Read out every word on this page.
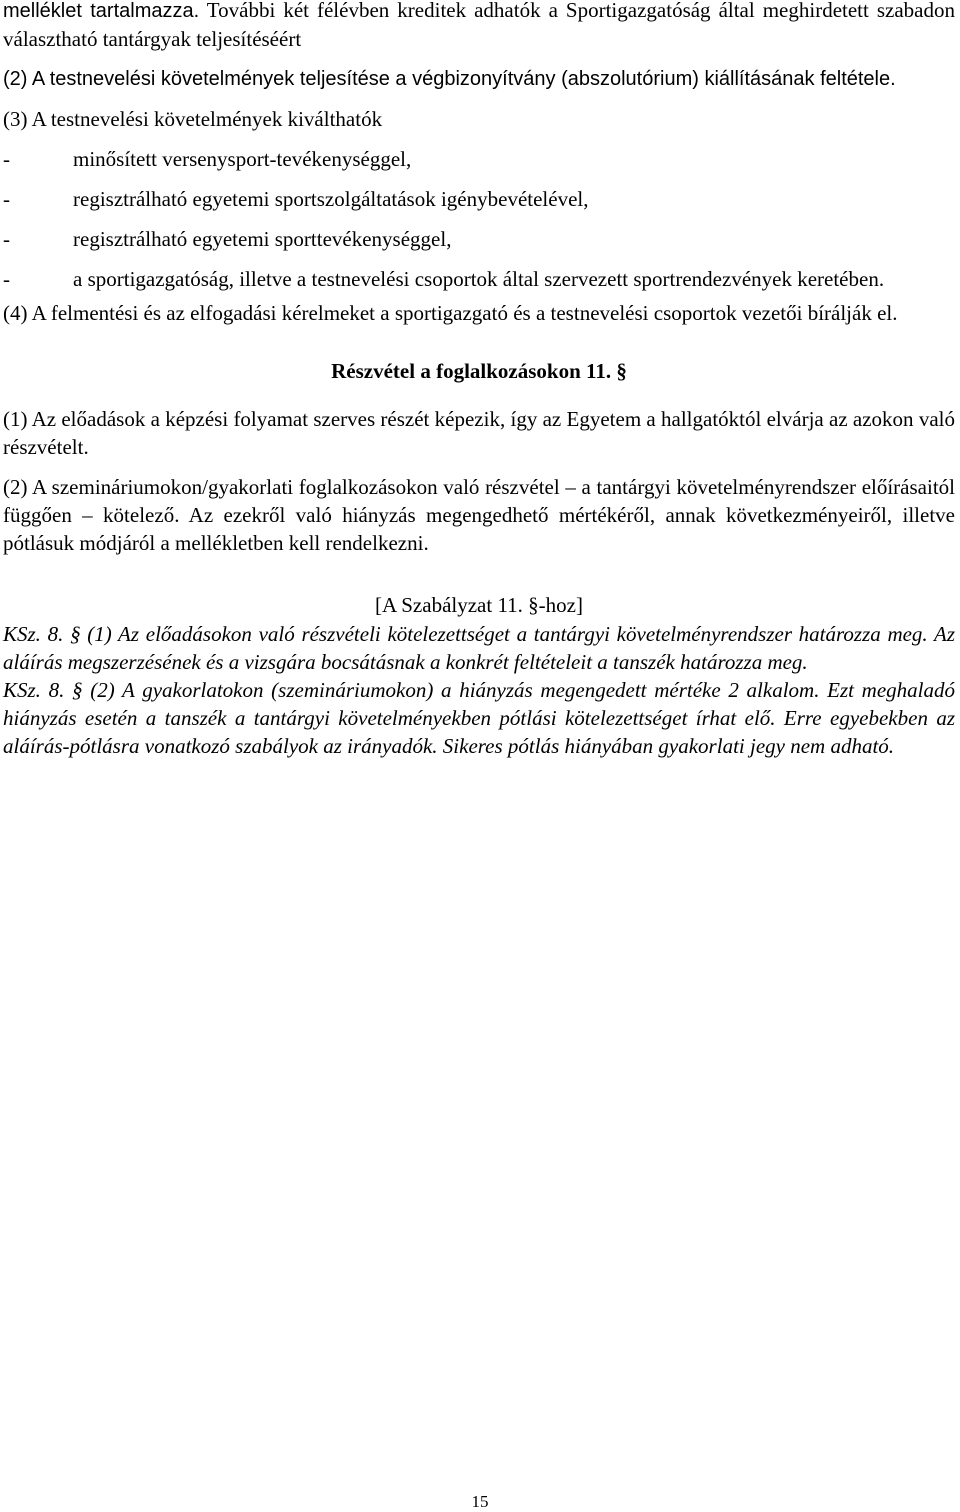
melléklet tartalmazza. További két félévben kreditek adhatók a Sportigazgatóság által meghirdetett szabadon választható tantárgyak teljesítéséért

(2) A testnevelési követelmények teljesítése a végbizonyítvány (abszolutórium) kiállításának feltétele.

(3) A testnevelési követelmények kiválthatók

-	minősített versenysport-tevékenységgel,
-	regisztrálható egyetemi sportszolgáltatások igénybevételével,
-	regisztrálható egyetemi sporttevékenységgel,
-	a sportigazgatóság, illetve a testnevelési csoportok által szervezett sportrendezvények keretében.

(4) A felmentési és az elfogadási kérelmeket a sportigazgató és a testnevelési csoportok vezetői bírálják el.

Részvétel a foglalkozásokon 11. §

(1) Az előadások a képzési folyamat szerves részét képezik, így az Egyetem a hallgatóktól elvárja az azokon való részvételt.

(2) A szemináriumokon/gyakorlati foglalkozásokon való részvétel – a tantárgyi követelményrendszer előírásaitól függően – kötelező. Az ezekről való hiányzás megengedhető mértékéről, annak következményeiről, illetve pótlásuk módjáról a mellékletben kell rendelkezni.

[A Szabályzat 11. §-hoz]

KSz. 8. § (1) Az előadásokon való részvételi kötelezettséget a tantárgyi követelményrendszer határozza meg. Az aláírás megszerzésének és a vizsgára bocsátásnak a konkrét feltételeit a tanszék határozza meg.

KSz. 8. § (2) A gyakorlatokon (szemináriumokon) a hiányzás megengedett mértéke 2 alkalom. Ezt meghaladó hiányzás esetén a tanszék a tantárgyi követelményekben pótlási kötelezettséget írhat elő. Erre egyebekben az aláírás-pótlásra vonatkozó szabályok az irányadók. Sikeres pótlás hiányában gyakorlati jegy nem adható.

15
